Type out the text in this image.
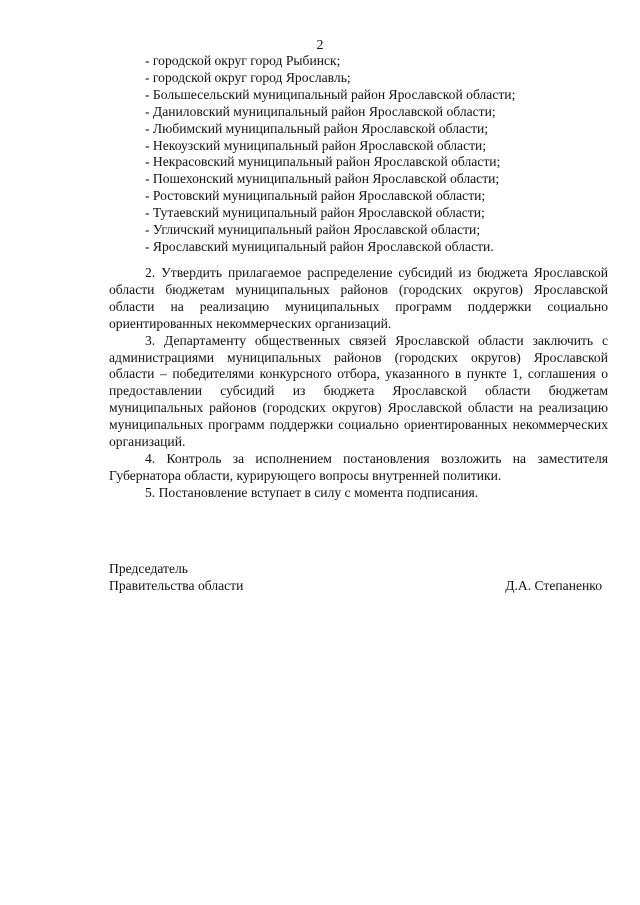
2
- городской округ город Рыбинск;
- городской округ город Ярославль;
- Большесельский муниципальный район Ярославской области;
- Даниловский муниципальный район Ярославской области;
- Любимский муниципальный район Ярославской области;
- Некоузский муниципальный район Ярославской области;
- Некрасовский муниципальный район Ярославской области;
- Пошехонский муниципальный район Ярославской области;
- Ростовский муниципальный район Ярославской области;
- Тутаевский муниципальный район Ярославской области;
- Угличский муниципальный район Ярославской области;
- Ярославский муниципальный район Ярославской области.

2. Утвердить прилагаемое распределение субсидий из бюджета Ярославской области бюджетам муниципальных районов (городских округов) Ярославской области на реализацию муниципальных программ поддержки социально ориентированных некоммерческих организаций.

3. Департаменту общественных связей Ярославской области заключить с администрациями муниципальных районов (городских округов) Ярославской области – победителями конкурсного отбора, указанного в пункте 1, соглашения о предоставлении субсидий из бюджета Ярославской области бюджетам муниципальных районов (городских округов) Ярославской области на реализацию муниципальных программ поддержки социально ориентированных некоммерческих организаций.

4. Контроль за исполнением постановления возложить на заместителя Губернатора области, курирующего вопросы внутренней политики.

5. Постановление вступает в силу с момента подписания.

Председатель
Правительства области	Д.А. Степаненко
